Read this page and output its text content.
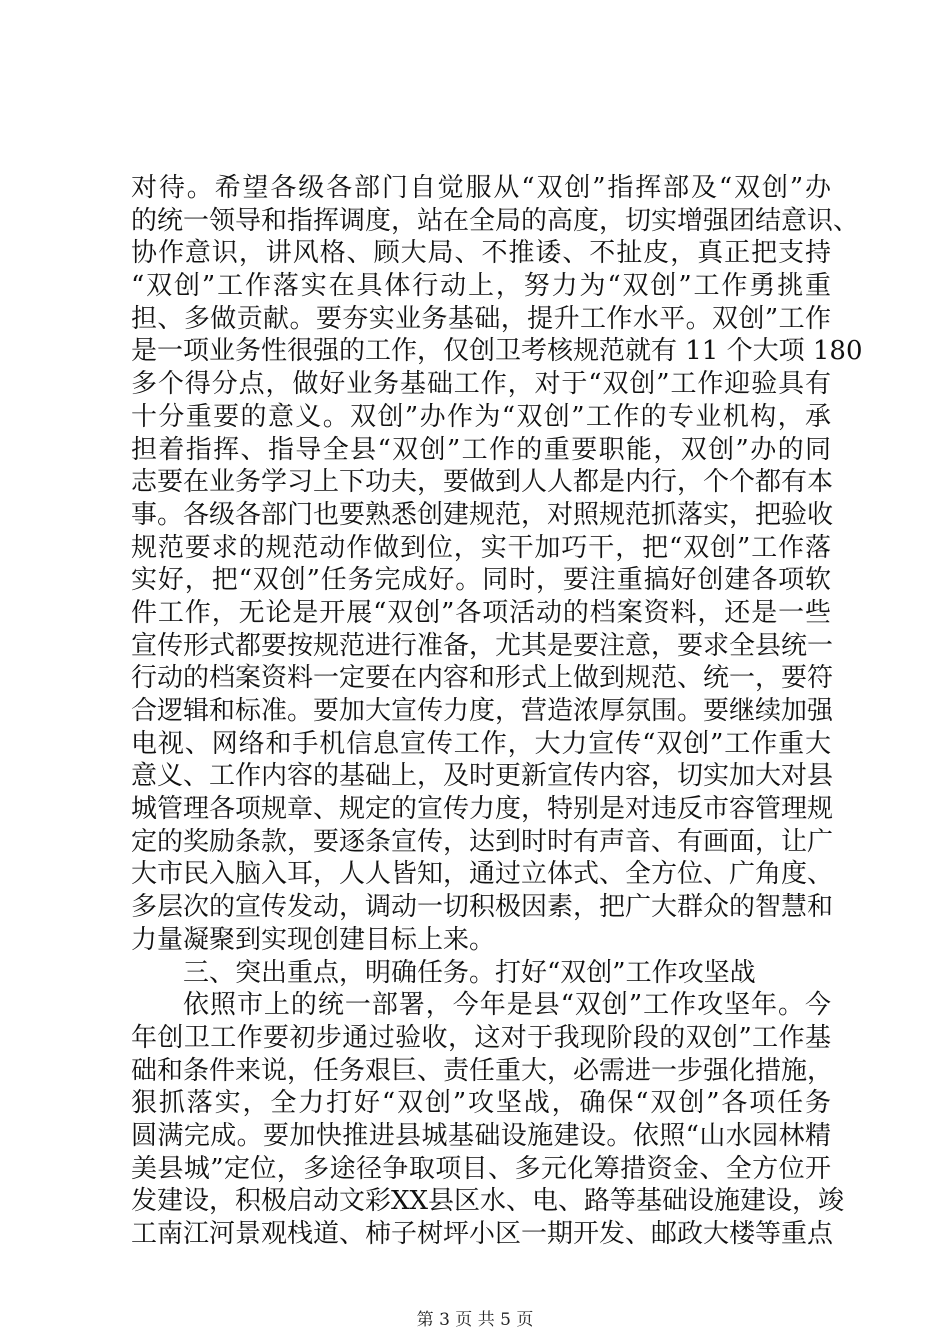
对待。希望各级各部门自觉服从“双创”指挥部及“双创”办
的统一领导和指挥调度，站在全局的高度，切实增强团结意识、
协作意识，讲风格、顾大局、不推诿、不扯皮，真正把支持
“双创”工作落实在具体行动上，努力为“双创”工作勇挑重
担、多做贡献。要夯实业务基础，提升工作水平。双创”工作
是一项业务性很强的工作，仅创卫考核规范就有 11 个大项 180
多个得分点，做好业务基础工作，对于“双创”工作迎验具有
十分重要的意义。双创”办作为“双创”工作的专业机构，承
担着指挥、指导全县“双创”工作的重要职能，双创”办的同
志要在业务学习上下功夫，要做到人人都是内行，个个都有本
事。各级各部门也要熟悉创建规范，对照规范抓落实，把验收
规范要求的规范动作做到位，实干加巧干，把“双创”工作落
实好，把“双创”任务完成好。同时，要注重搞好创建各项软
件工作，无论是开展“双创”各项活动的档案资料，还是一些
宣传形式都要按规范进行准备，尤其是要注意，要求全县统一
行动的档案资料一定要在内容和形式上做到规范、统一，要符
合逻辑和标准。要加大宣传力度，营造浓厚氛围。要继续加强
电视、网络和手机信息宣传工作，大力宣传“双创”工作重大
意义、工作内容的基础上，及时更新宣传内容，切实加大对县
城管理各项规章、规定的宣传力度，特别是对违反市容管理规
定的奖励条款，要逐条宣传，达到时时有声音、有画面，让广
大市民入脑入耳，人人皆知，通过立体式、全方位、广角度、
多层次的宣传发动，调动一切积极因素，把广大群众的智慧和
力量凝聚到实现创建目标上来。
三、突出重点，明确任务。打好“双创”工作攻坚战
依照市上的统一部署，今年是县“双创”工作攻坚年。今
年创卫工作要初步通过验收，这对于我现阶段的双创”工作基
础和条件来说，任务艰巨、责任重大，必需进一步强化措施，
狠抓落实，全力打好“双创”攻坚战，确保“双创”各项任务
圆满完成。要加快推进县城基础设施建设。依照“山水园林精
美县城”定位，多途径争取项目、多元化筹措资金、全方位开
发建设，积极启动文彩XX县区水、电、路等基础设施建设，竣
工南江河景观栈道、柿子树坪小区一期开发、邮政大楼等重点
第 3 页 共 5 页
